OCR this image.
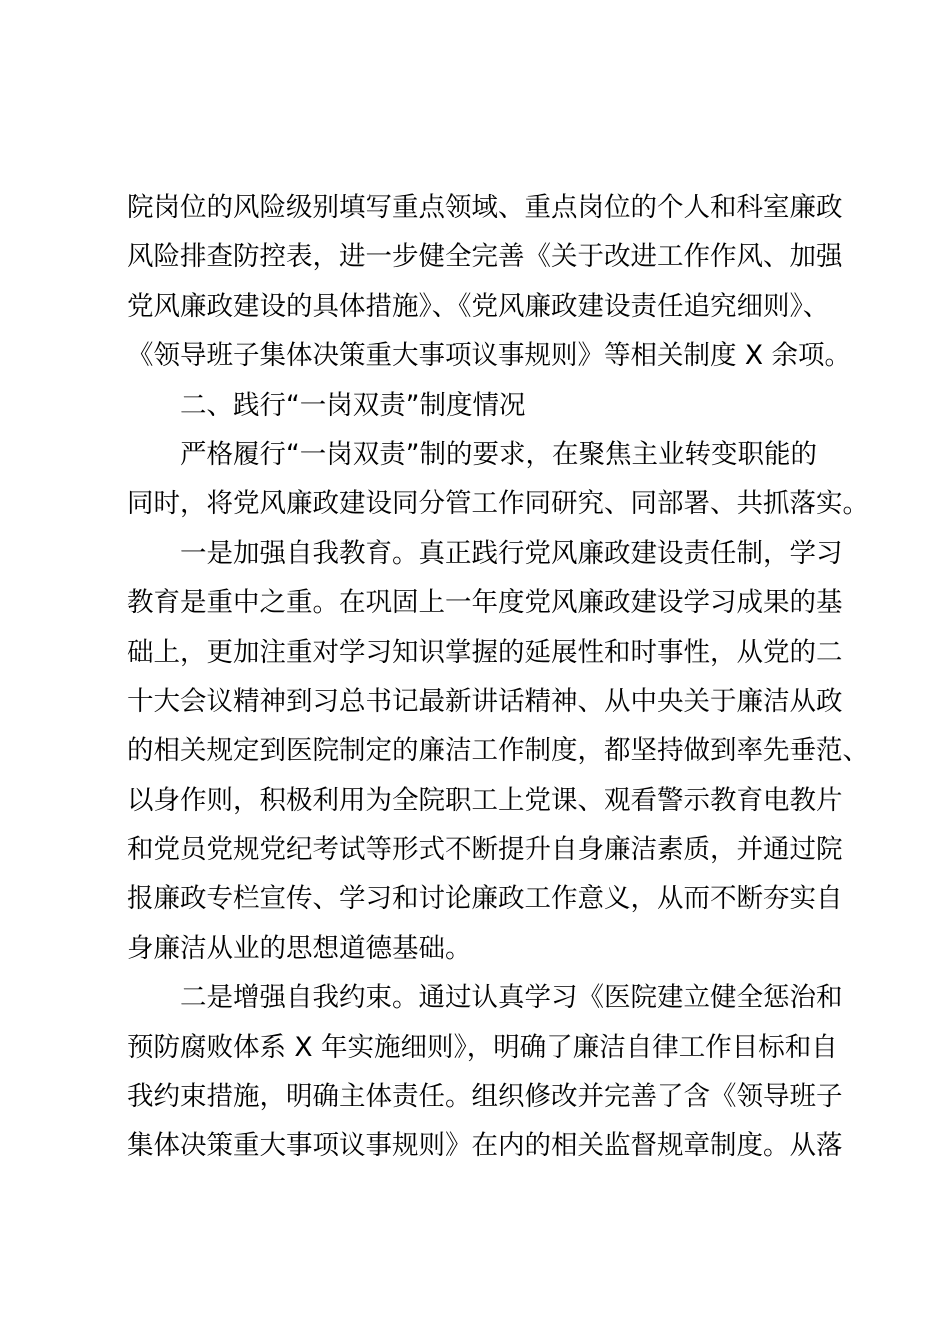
院岗位的风险级别填写重点领域、重点岗位的个人和科室廉政
风险排查防控表，进一步健全完善《关于改进工作作风、加强
党风廉政建设的具体措施》、《党风廉政建设责任追究细则》、
《领导班子集体决策重大事项议事规则》等相关制度 X 余项。
二、践行“一岗双责”制度情况
严格履行“一岗双责”制的要求，在聚焦主业转变职能的
同时，将党风廉政建设同分管工作同研究、同部署、共抓落实。
一是加强自我教育。真正践行党风廉政建设责任制，学习
教育是重中之重。在巩固上一年度党风廉政建设学习成果的基
础上，更加注重对学习知识掌握的延展性和时事性，从党的二
十大会议精神到习总书记最新讲话精神、从中央关于廉洁从政
的相关规定到医院制定的廉洁工作制度，都坚持做到率先垂范、
以身作则，积极利用为全院职工上党课、观看警示教育电教片
和党员党规党纪考试等形式不断提升自身廉洁素质，并通过院
报廉政专栏宣传、学习和讨论廉政工作意义，从而不断夯实自
身廉洁从业的思想道德基础。
二是增强自我约束。通过认真学习《医院建立健全惩治和
预防腐败体系 X 年实施细则》，明确了廉洁自律工作目标和自
我约束措施，明确主体责任。组织修改并完善了含《领导班子
集体决策重大事项议事规则》在内的相关监督规章制度。从落
